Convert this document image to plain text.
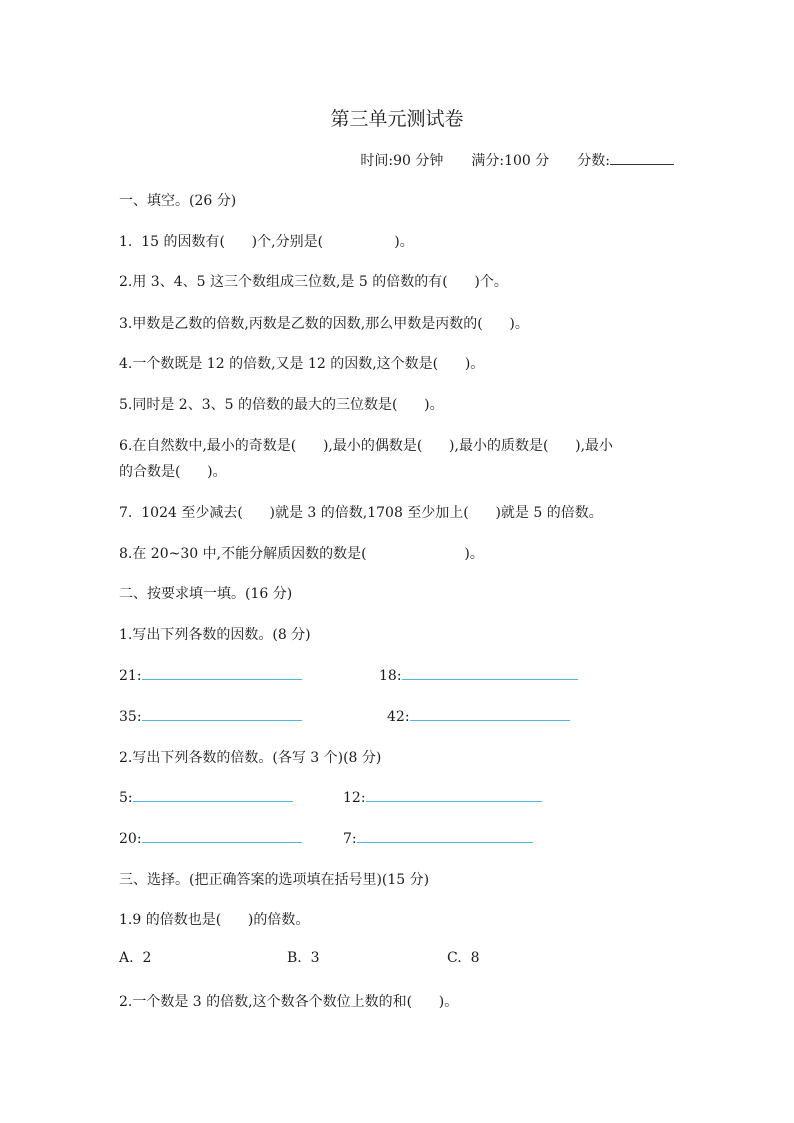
第三单元测试卷
时间:90 分钟 满分:100 分 分数:
一、填空。(26 分)
1.  15 的因数有(      )个,分别是(                )。
2.用 3、4、5 这三个数组成三位数,是 5 的倍数的有(      )个。
3.甲数是乙数的倍数,丙数是乙数的因数,那么甲数是丙数的(      )。
4.一个数既是 12 的倍数,又是 12 的因数,这个数是(      )。
5.同时是 2、3、5 的倍数的最大的三位数是(      )。
6.在自然数中,最小的奇数是(      ),最小的偶数是(      ),最小的质数是(      ),最小
的合数是(      )。
7.  1024 至少减去(      )就是 3 的倍数,1708 至少加上(      )就是 5 的倍数。
8.在 20~30 中,不能分解质因数的数是(                      )。
二、按要求填一填。(16 分)
1.写出下列各数的因数。(8 分)
21:	18:
35:	42:
2.写出下列各数的倍数。(各写 3 个)(8 分)
5:	12:
20:	7:
三、选择。(把正确答案的选项填在括号里)(15 分)
1.9 的倍数也是(      )的倍数。
A.  2	B.  3	C.  8
2.一个数是 3 的倍数,这个数各个数位上数的和(      )。
